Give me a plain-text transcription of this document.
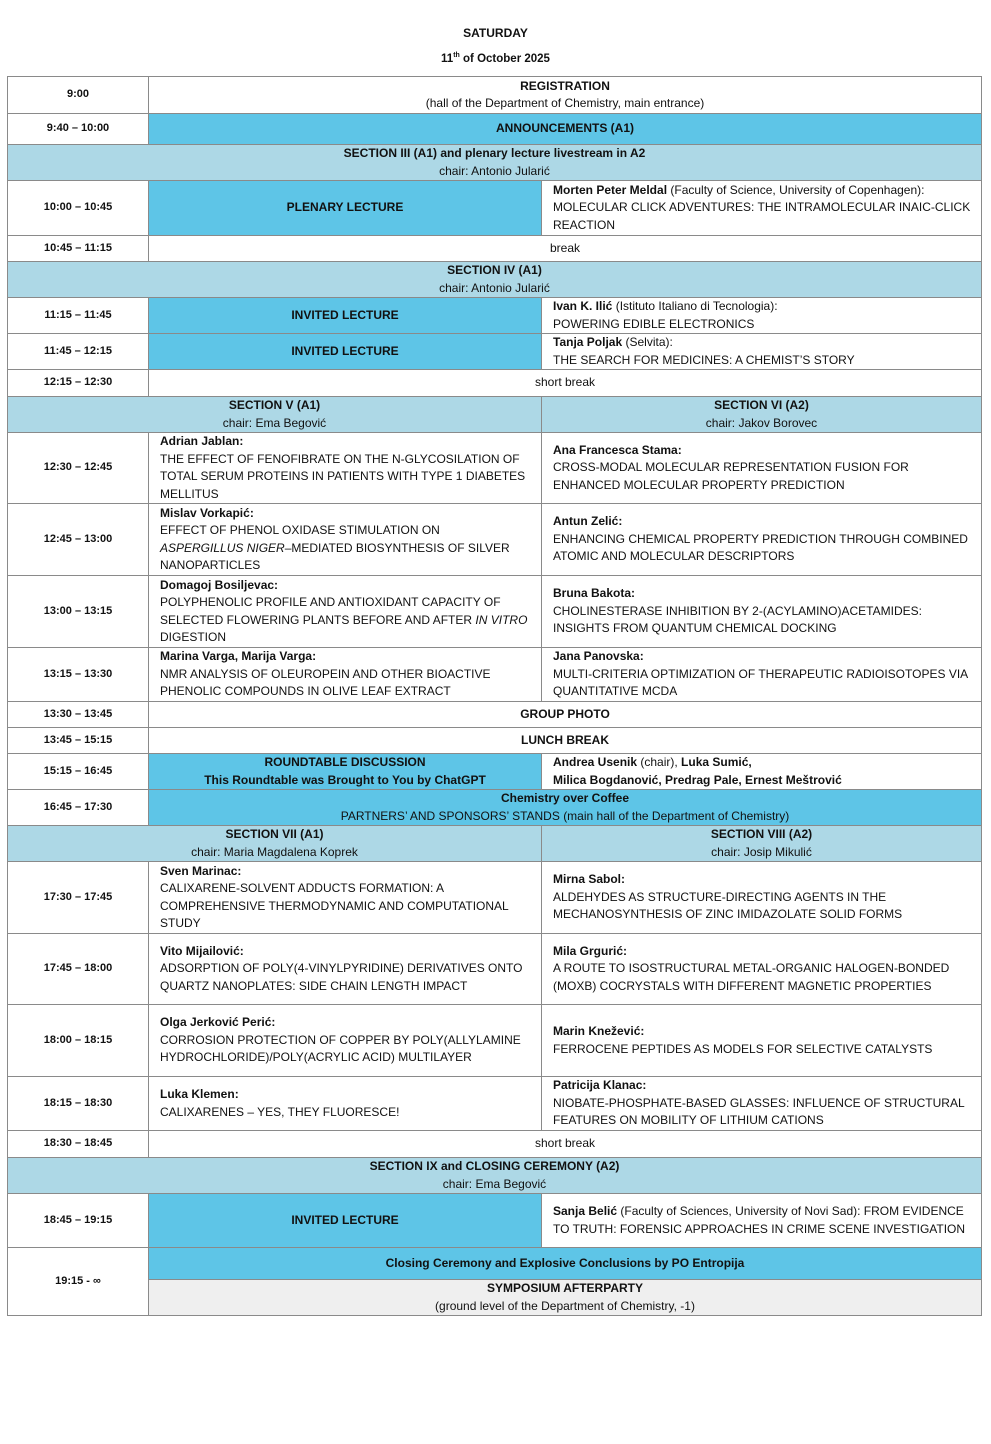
SATURDAY
11th of October 2025
9:00	REGISTRATION
(hall of the Department of Chemistry, main entrance)	
9:40 – 10:00	ANNOUNCEMENTS (A1)	
SECTION III (A1) and plenary lecture livestream in A2
chair: Antonio Jularić		
10:00 – 10:45	PLENARY LECTURE	Morten Peter Meldal (Faculty of Science, University of Copenhagen): MOLECULAR CLICK ADVENTURES: THE INTRAMOLECULAR INAIC-CLICK REACTION
10:45 – 11:15	break	
SECTION IV (A1)
chair: Antonio Jularić		
11:15 – 11:45	INVITED LECTURE	Ivan K. Ilić (Istituto Italiano di Tecnologia):
POWERING EDIBLE ELECTRONICS
11:45 – 12:15	INVITED LECTURE	Tanja Poljak (Selvita):
THE SEARCH FOR MEDICINES: A CHEMIST’S STORY
12:15 – 12:30	short break	
SECTION V (A1)
chair: Ema Begović		SECTION VI (A2)
chair: Jakov Borovec
12:30 – 12:45	Adrian Jablan:
THE EFFECT OF FENOFIBRATE ON THE N-GLYCOSILATION OF TOTAL SERUM PROTEINS IN PATIENTS WITH TYPE 1 DIABETES MELLITUS	Ana Francesca Stama:
CROSS-MODAL MOLECULAR REPRESENTATION FUSION FOR ENHANCED MOLECULAR PROPERTY PREDICTION
12:45 – 13:00	Mislav Vorkapić:
EFFECT OF PHENOL OXIDASE STIMULATION ON
ASPERGILLUS NIGER–MEDIATED BIOSYNTHESIS OF SILVER NANOPARTICLES	Antun Zelić:
ENHANCING CHEMICAL PROPERTY PREDICTION THROUGH COMBINED ATOMIC AND MOLECULAR DESCRIPTORS
13:00 – 13:15	Domagoj Bosiljevac:
POLYPHENOLIC PROFILE AND ANTIOXIDANT CAPACITY OF SELECTED FLOWERING PLANTS BEFORE AND AFTER IN VITRO DIGESTION	Bruna Bakota:
CHOLINESTERASE INHIBITION BY 2-(ACYLAMINO)ACETAMIDES: INSIGHTS FROM QUANTUM CHEMICAL DOCKING
13:15 – 13:30	Marina Varga, Marija Varga:
NMR ANALYSIS OF OLEUROPEIN AND OTHER BIOACTIVE PHENOLIC COMPOUNDS IN OLIVE LEAF EXTRACT	Jana Panovska:
MULTI-CRITERIA OPTIMIZATION OF THERAPEUTIC RADIOISOTOPES VIA QUANTITATIVE MCDA
13:30 – 13:45	GROUP PHOTO	
13:45 – 15:15	LUNCH BREAK	
15:15 – 16:45	ROUNDTABLE DISCUSSION
This Roundtable was Brought to You by ChatGPT	Andrea Usenik (chair), Luka Sumić,
Milica Bogdanović, Predrag Pale, Ernest Meštrović
16:45 – 17:30	Chemistry over Coffee
PARTNERS’ AND SPONSORS’ STANDS (main hall of the Department of Chemistry)	
SECTION VII (A1)
chair: Maria Magdalena Koprek		SECTION VIII (A2)
chair: Josip Mikulić
17:30 – 17:45	Sven Marinac:
CALIXARENE-SOLVENT ADDUCTS FORMATION: A COMPREHENSIVE THERMODYNAMIC AND COMPUTATIONAL STUDY	Mirna Sabol:
ALDEHYDES AS STRUCTURE-DIRECTING AGENTS IN THE MECHANOSYNTHESIS OF ZINC IMIDAZOLATE SOLID FORMS
17:45 – 18:00	Vito Mijailović:
ADSORPTION OF POLY(4-VINYLPYRIDINE) DERIVATIVES ONTO QUARTZ NANOPLATES: SIDE CHAIN LENGTH IMPACT	Mila Grgurić:
A ROUTE TO ISOSTRUCTURAL METAL-ORGANIC HALOGEN-BONDED (MOXB) COCRYSTALS WITH DIFFERENT MAGNETIC PROPERTIES
18:00 – 18:15	Olga Jerković Perić:
CORROSION PROTECTION OF COPPER BY POLY(ALLYLAMINE HYDROCHLORIDE)/POLY(ACRYLIC ACID) MULTILAYER	Marin Knežević:
FERROCENE PEPTIDES AS MODELS FOR SELECTIVE CATALYSTS
18:15 – 18:30	Luka Klemen:
CALIXARENES – YES, THEY FLUORESCE!	Patricija Klanac:
NIOBATE-PHOSPHATE-BASED GLASSES: INFLUENCE OF STRUCTURAL FEATURES ON MOBILITY OF LITHIUM CATIONS
18:30 – 18:45	short break	
SECTION IX and CLOSING CEREMONY (A2)
chair: Ema Begović		
18:45 – 19:15	INVITED LECTURE	Sanja Belić (Faculty of Sciences, University of Novi Sad): FROM EVIDENCE TO TRUTH: FORENSIC APPROACHES IN CRIME SCENE INVESTIGATION
19:15 - ∞	Closing Ceremony and Explosive Conclusions by PO Entropija	
	SYMPOSIUM AFTERPARTY
(ground level of the Department of Chemistry, -1)	
